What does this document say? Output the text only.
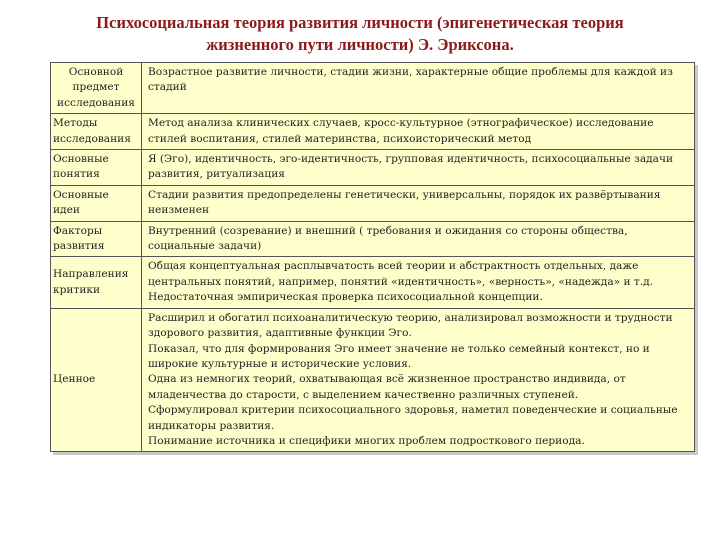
Психосоциальная теория развития личности (эпигенетическая теория
жизненного пути личности) Э. Эриксона.
Основной предмет исследования	Возрастное развитие личности, стадии жизни, характерные общие проблемы для каждой из стадий

Методы исследования	Метод анализа клинических случаев, кросс-культурное (этнографическое) исследование стилей воспитания, стилей материнства, психоисторический метод

Основные понятия	Я (Эго), идентичность, эго-идентичность, групповая идентичность, психосоциальные задачи развития, ритуализация

Основные идеи	Стадии развития предопределены генетически, универсальны, порядок их развёртывания неизменен

Факторы развития	Внутренний (созревание) и внешний ( требования и ожидания со стороны общества, социальные задачи)

Направления критики	Общая концептуальная расплывчатость всей теории и абстрактность отдельных, даже центральных понятий, например, понятий «идентичность», «верность», «надежда» и т.д. Недостаточная эмпирическая проверка психосоциальной концепции.

Ценное	Расширил и обогатил психоаналитическую теорию, анализировал возможности и трудности здорового развития, адаптивные функции Эго.
Показал, что для формирования Эго имеет значение не только семейный контекст, но и широкие культурные и исторические условия.
Одна из немногих теорий, охватывающая всё жизненное пространство индивида, от младенчества до старости, с выделением качественно различных ступеней.
Сформулировал критерии психосоциального здоровья, наметил поведенческие и социальные индикаторы развития.
Понимание источника и специфики многих проблем подросткового периода.
